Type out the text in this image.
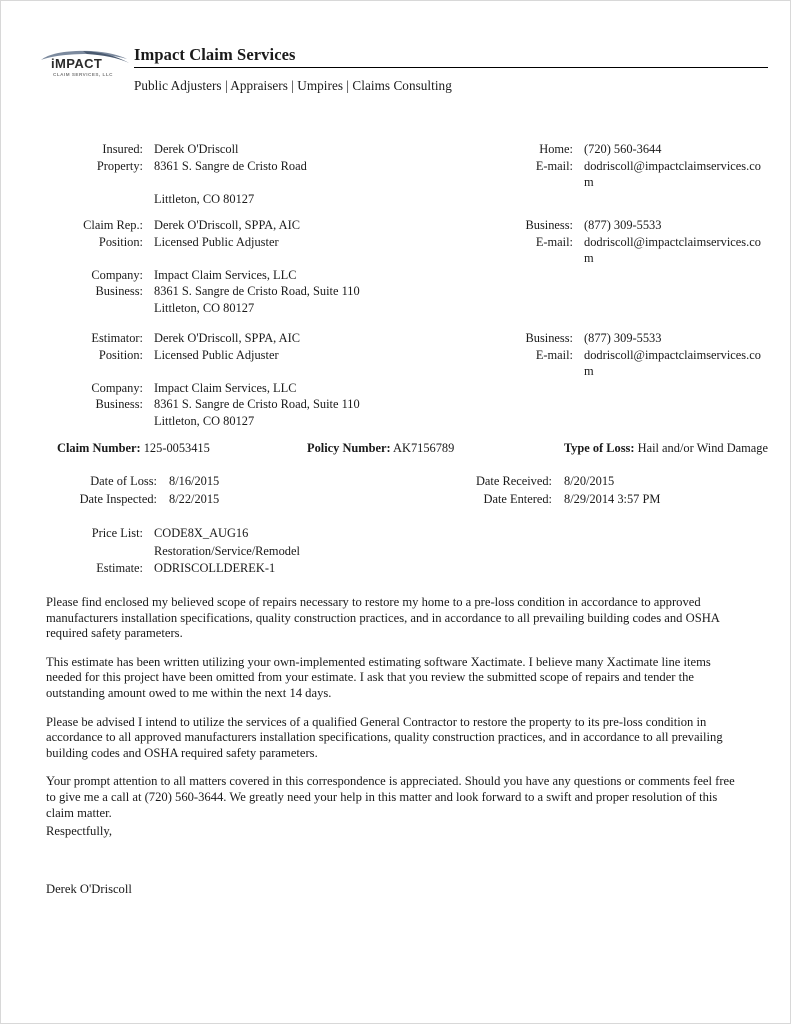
iMPACT
CLAIM SERVICES, LLC
Impact Claim Services
Public Adjusters | Appraisers | Umpires | Claims Consulting
Insured: Derek O'Driscoll	Home: (720) 560-3644
Property: 8361 S. Sangre de Cristo Road	E-mail: dodriscoll@impactclaimservices.com
Littleton, CO 80127
Claim Rep.: Derek O'Driscoll, SPPA, AIC	Business: (877) 309-5533
Position: Licensed Public Adjuster	E-mail: dodriscoll@impactclaimservices.com
Company: Impact Claim Services, LLC
Business: 8361 S. Sangre de Cristo Road, Suite 110
Littleton, CO 80127
Estimator: Derek O'Driscoll, SPPA, AIC	Business: (877) 309-5533
Position: Licensed Public Adjuster	E-mail: dodriscoll@impactclaimservices.com
Company: Impact Claim Services, LLC
Business: 8361 S. Sangre de Cristo Road, Suite 110
Littleton, CO 80127
Claim Number: 125-0053415	Policy Number: AK7156789	Type of Loss: Hail and/or Wind Damage
Date of Loss: 8/16/2015	Date Received: 8/20/2015
Date Inspected: 8/22/2015	Date Entered: 8/29/2014 3:57 PM
Price List: CODE8X_AUG16
Restoration/Service/Remodel
Estimate: ODRISCOLLDEREK-1

Please find enclosed my believed scope of repairs necessary to restore my home to a pre-loss condition in accordance to approved manufacturers installation specifications, quality construction practices, and in accordance to all prevailing building codes and OSHA required safety parameters.

This estimate has been written utilizing your own-implemented estimating software Xactimate. I believe many Xactimate line items needed for this project have been omitted from your estimate. I ask that you review the submitted scope of repairs and tender the outstanding amount owed to me within the next 14 days.

Please be advised I intend to utilize the services of a qualified General Contractor to restore the property to its pre-loss condition in accordance to all approved manufacturers installation specifications, quality construction practices, and in accordance to all prevailing building codes and OSHA required safety parameters.

Your prompt attention to all matters covered in this correspondence is appreciated. Should you have any questions or comments feel free to give me a call at (720) 560-3644. We greatly need your help in this matter and look forward to a swift and proper resolution of this claim matter.

Respectfully,
Derek O'Driscoll
